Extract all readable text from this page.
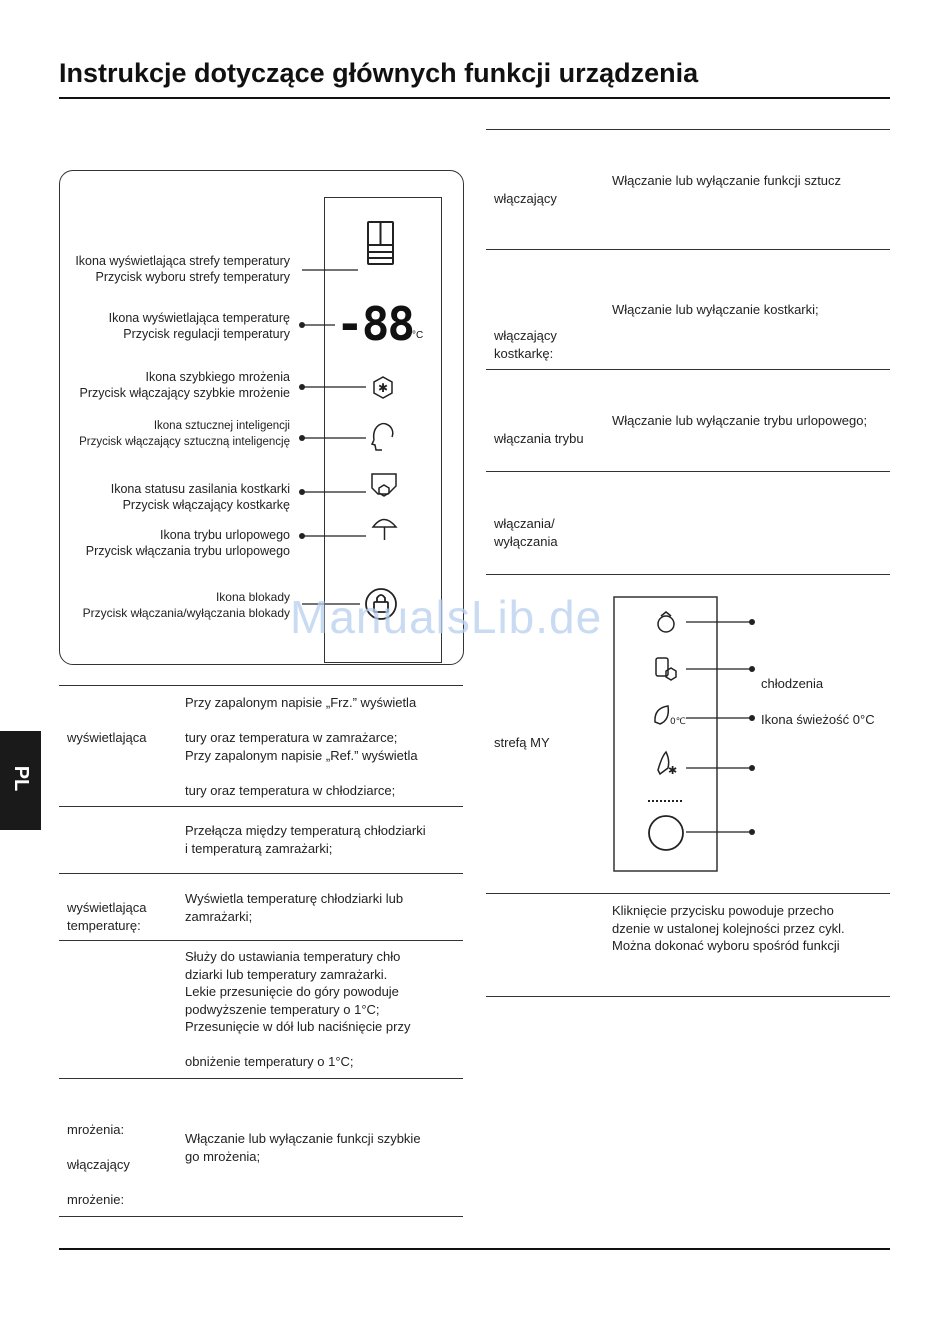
Instrukcje dotyczące głównych funkcji urządzenia
PL
✱
0℃
✱
-88
°C
Ikona wyświetlająca strefy temperatury
Przycisk wyboru strefy temperatury
Ikona wyświetlająca temperaturę
Przycisk regulacji temperatury
Ikona szybkiego mrożenia
Przycisk włączający szybkie mrożenie
Ikona sztucznej inteligencji
Przycisk włączający sztuczną inteligencję
Ikona statusu zasilania kostkarki
Przycisk włączający kostkarkę
Ikona trybu urlopowego
Przycisk włączania trybu urlopowego
Ikona blokady
Przycisk włączania/wyłączania blokady ManualsLib.de
wyświetlająca
Przy zapalonym napisie „Frz.” wyświetla
tury oraz temperatura w zamrażarce;
Przy zapalonym napisie „Ref.” wyświetla
tury oraz temperatura w chłodziarce;
Przełącza między temperaturą chłodziarki
i temperaturą zamrażarki;
wyświetlająca
temperaturę:
Wyświetla temperaturę chłodziarki lub
zamrażarki;
Służy do ustawiania temperatury chło
dziarki lub temperatury zamrażarki.
Lekie przesunięcie do góry powoduje
podwyższenie temperatury o 1°C;
Przesunięcie w dół lub naciśnięcie przy
obniżenie temperatury o 1°C;
mrożenia:
włączający
mrożenie:
Włączanie lub wyłączanie funkcji szybkie
go mrożenia;
włączający
Włączanie lub wyłączanie funkcji sztucz
włączający
kostkarkę:
Włączanie lub wyłączanie kostkarki;
włączania trybu
Włączanie lub wyłączanie trybu urlopowego;
włączania/
wyłączania
strefą MY
chłodzenia
Ikona świeżość 0°C
Kliknięcie przycisku powoduje przecho
dzenie w ustalonej kolejności przez cykl.
Można dokonać wyboru spośród funkcji
